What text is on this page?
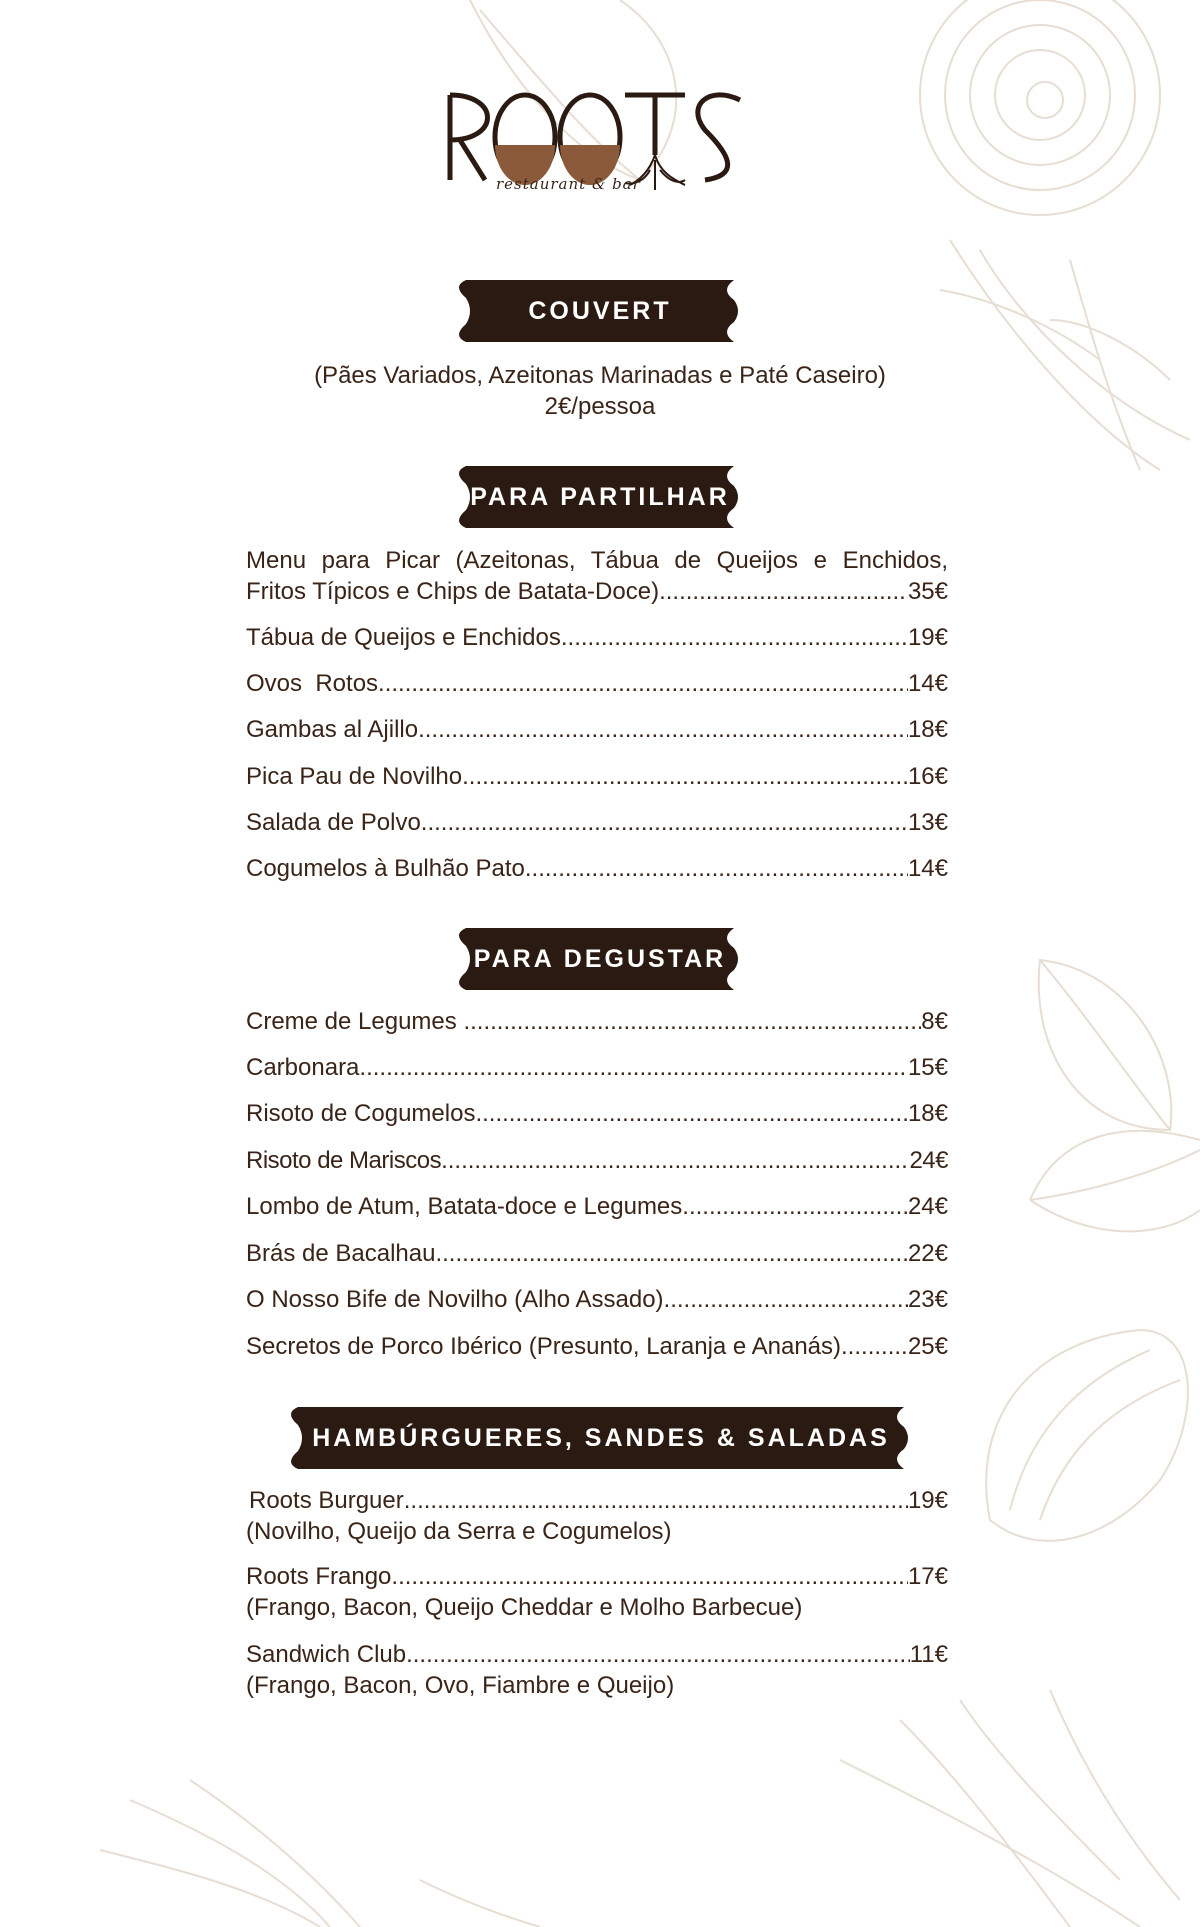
restaurant & bar
COUVERT
(Pães Variados, Azeitonas Marinadas e Paté Caseiro)
2€/pessoa
PARA PARTILHAR
Menu para Picar (Azeitonas, Tábua de Queijos e Enchidos,
Fritos Típicos e Chips de Batata-Doce) .....	35€
Tábua de Queijos e Enchidos .....	19€
Ovos  Rotos .....	14€
Gambas al Ajillo .....	18€
Pica Pau de Novilho .....	16€
Salada de Polvo .....	13€
Cogumelos à Bulhão Pato .....	14€
PARA DEGUSTAR
Creme de Legumes .....	8€
Carbonara .....	15€
Risoto de Cogumelos .....	18€
Risoto de Mariscos .....	24€
Lombo de Atum, Batata-doce e Legumes .....	24€
Brás de Bacalhau .....	22€
O Nosso Bife de Novilho (Alho Assado) .....	23€
Secretos de Porco Ibérico (Presunto, Laranja e Ananás) .....	25€
HAMBÚRGUERES, SANDES & SALADAS
Roots Burguer .....	19€
(Novilho, Queijo da Serra e Cogumelos)
Roots Frango .....	17€
(Frango, Bacon, Queijo Cheddar e Molho Barbecue)
Sandwich Club .....	11€
(Frango, Bacon, Ovo, Fiambre e Queijo)
